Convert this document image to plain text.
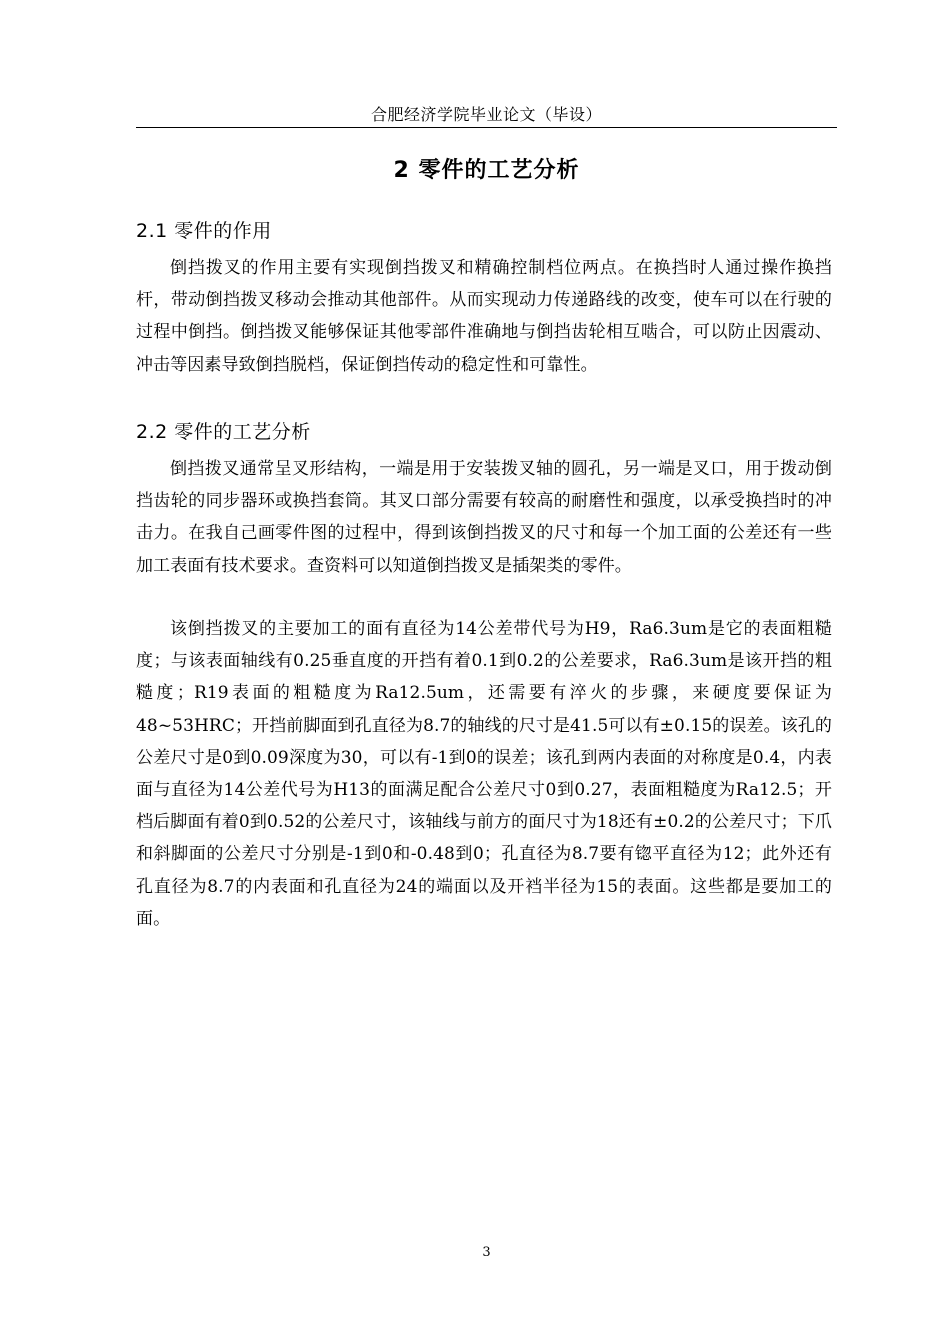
合肥经济学院毕业论文（毕设）
2 零件的工艺分析
2.1 零件的作用

倒挡拨叉的作用主要有实现倒挡拨叉和精确控制档位两点。在换挡时人通过操作换挡杆，带动倒挡拨叉移动会推动其他部件。从而实现动力传递路线的改变，使车可以在行驶的过程中倒挡。倒挡拨叉能够保证其他零部件准确地与倒挡齿轮相互啮合，可以防止因震动、冲击等因素导致倒挡脱档，保证倒挡传动的稳定性和可靠性。

2.2 零件的工艺分析

倒挡拨叉通常呈叉形结构，一端是用于安装拨叉轴的圆孔，另一端是叉口，用于拨动倒挡齿轮的同步器环或换挡套筒。其叉口部分需要有较高的耐磨性和强度，以承受换挡时的冲击力。在我自己画零件图的过程中，得到该倒挡拨叉的尺寸和每一个加工面的公差还有一些加工表面有技术要求。查资料可以知道倒挡拨叉是插架类的零件。

该倒挡拨叉的主要加工的面有直径为14公差带代号为H9，Ra6.3um是它的表面粗糙度；与该表面轴线有0.25垂直度的开挡有着0.1到0.2的公差要求，Ra6.3um是该开挡的粗糙度；R19表面的粗糙度为Ra12.5um，还需要有淬火的步骤，来硬度要保证为48~53HRC；开挡前脚面到孔直径为8.7的轴线的尺寸是41.5可以有±0.15的误差。该孔的公差尺寸是0到0.09深度为30，可以有-1到0的误差；该孔到两内表面的对称度是0.4，内表面与直径为14公差代号为H13的面满足配合公差尺寸0到0.27，表面粗糙度为Ra12.5；开档后脚面有着0到0.52的公差尺寸，该轴线与前方的面尺寸为18还有±0.2的公差尺寸；下爪和斜脚面的公差尺寸分别是-1到0和-0.48到0；孔直径为8.7要有锪平直径为12；此外还有孔直径为8.7的内表面和孔直径为24的端面以及开裆半径为15的表面。这些都是要加工的面。

3
